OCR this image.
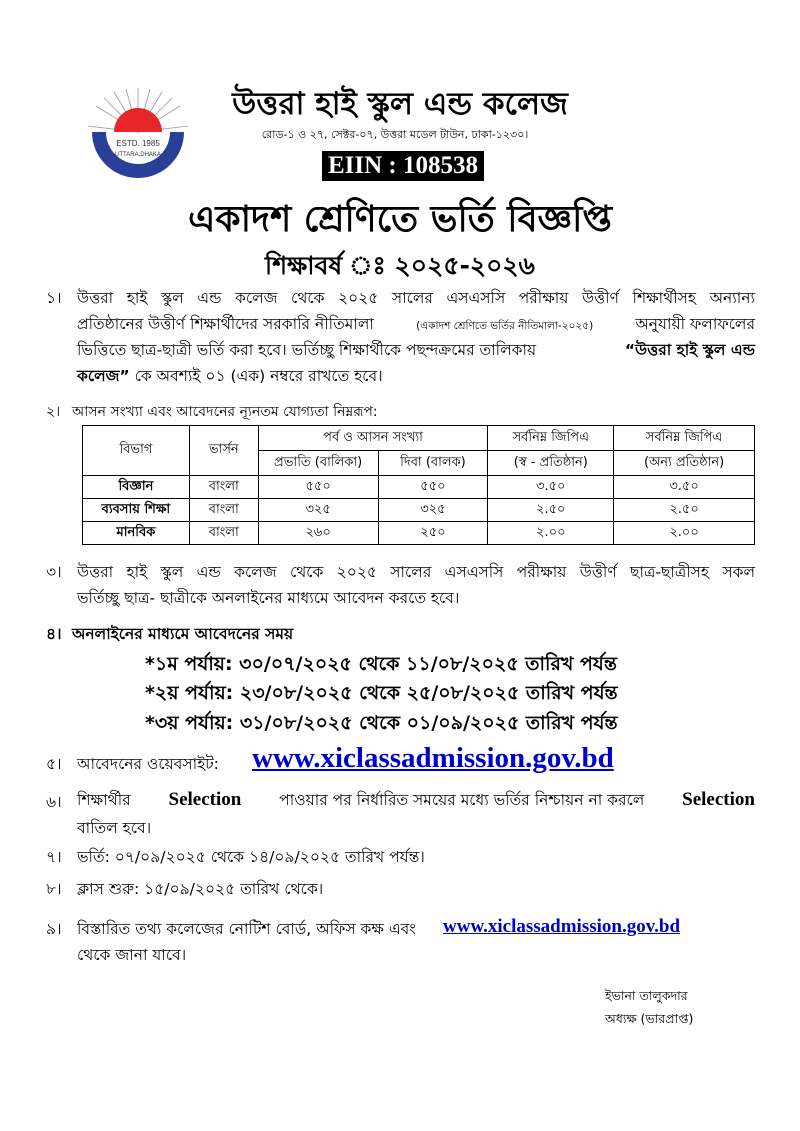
ESTD. 1985
UTTARA,DHAKA
উত্তরা হাই স্কুল এন্ড কলেজ
রোড-১ ও ২৭, সেক্টর-০৭, উত্তরা মডেল টাউন, ঢাকা-১২৩০।
EIIN : 108538
একাদশ শ্রেণিতে ভর্তি বিজ্ঞপ্তি
শিক্ষাবর্ষ ঃ ২০২৫-২০২৬
১। উত্তরা হাই স্কুল এন্ড কলেজ থেকে ২০২৫ সালের এসএসসি পরীক্ষায় উত্তীর্ণ শিক্ষার্থীসহ অন্যান্য
প্রতিষ্ঠানের উত্তীর্ণ শিক্ষার্থীদের সরকারি নীতিমালা	(একাদশ শ্রেণিতে ভর্তির নীতিমালা-২০২৫)	অনুযায়ী ফলাফলের
ভিত্তিতে ছাত্র-ছাত্রী ভর্তি করা হবে। ভর্তিচ্ছু শিক্ষার্থীকে পছন্দক্রমের তালিকায়	“উত্তরা হাই স্কুল এন্ড
কলেজ” কে অবশ্যই ০১ (এক) নম্বরে রাখতে হবে।
২। আসন সংখ্যা এবং আবেদনের ন্যূনতম যোগ্যতা নিম্নরূপ:
বিভাগ	ভার্সন	পর্ব ও আসন সংখ্যা		সর্বনিম্ন জিপিএ	সর্বনিম্ন জিপিএ
		প্রভাতি (বালিকা)	দিবা (বালক)	(স্ব - প্রতিষ্ঠান)	(অন্য প্রতিষ্ঠান)
বিজ্ঞান	বাংলা	৫৫০	৫৫০	৩.৫০	৩.৫০
ব্যবসায় শিক্ষা	বাংলা	৩২৫	৩২৫	২.৫০	২.৫০
মানবিক	বাংলা	২৬০	২৫০	২.০০	২.০০
৩। উত্তরা হাই স্কুল এন্ড কলেজ থেকে ২০২৫ সালের এসএসসি পরীক্ষায় উত্তীর্ণ ছাত্র-ছাত্রীসহ সকল
ভর্তিচ্ছু ছাত্র- ছাত্রীকে অনলাইনের মাধ্যমে আবেদন করতে হবে।
৪। অনলাইনের মাধ্যমে আবেদনের সময়
*১ম পর্যায়: ৩০/০৭/২০২৫ থেকে ১১/০৮/২০২৫ তারিখ পর্যন্ত
*২য় পর্যায়: ২৩/০৮/২০২৫ থেকে ২৫/০৮/২০২৫ তারিখ পর্যন্ত
*৩য় পর্যায়: ৩১/০৮/২০২৫ থেকে ০১/০৯/২০২৫ তারিখ পর্যন্ত
৫। আবেদনের ওয়েবসাইট: www.xiclassadmission.gov.bd
৬। শিক্ষার্থীর Selection পাওয়ার পর নির্ধারিত সময়ের মধ্যে ভর্তির নিশ্চায়ন না করলে Selection
বাতিল হবে।
৭। ভর্তি: ০৭/০৯/২০২৫ থেকে ১৪/০৯/২০২৫ তারিখ পর্যন্ত।
৮। ক্লাস শুরু: ১৫/০৯/২০২৫ তারিখ থেকে।
৯। বিস্তারিত তথ্য কলেজের নোটিশ বোর্ড, অফিস কক্ষ এবং www.xiclassadmission.gov.bd
থেকে জানা যাবে।
ইভানা তালুকদার
অধ্যক্ষ (ভারপ্রাপ্ত)
